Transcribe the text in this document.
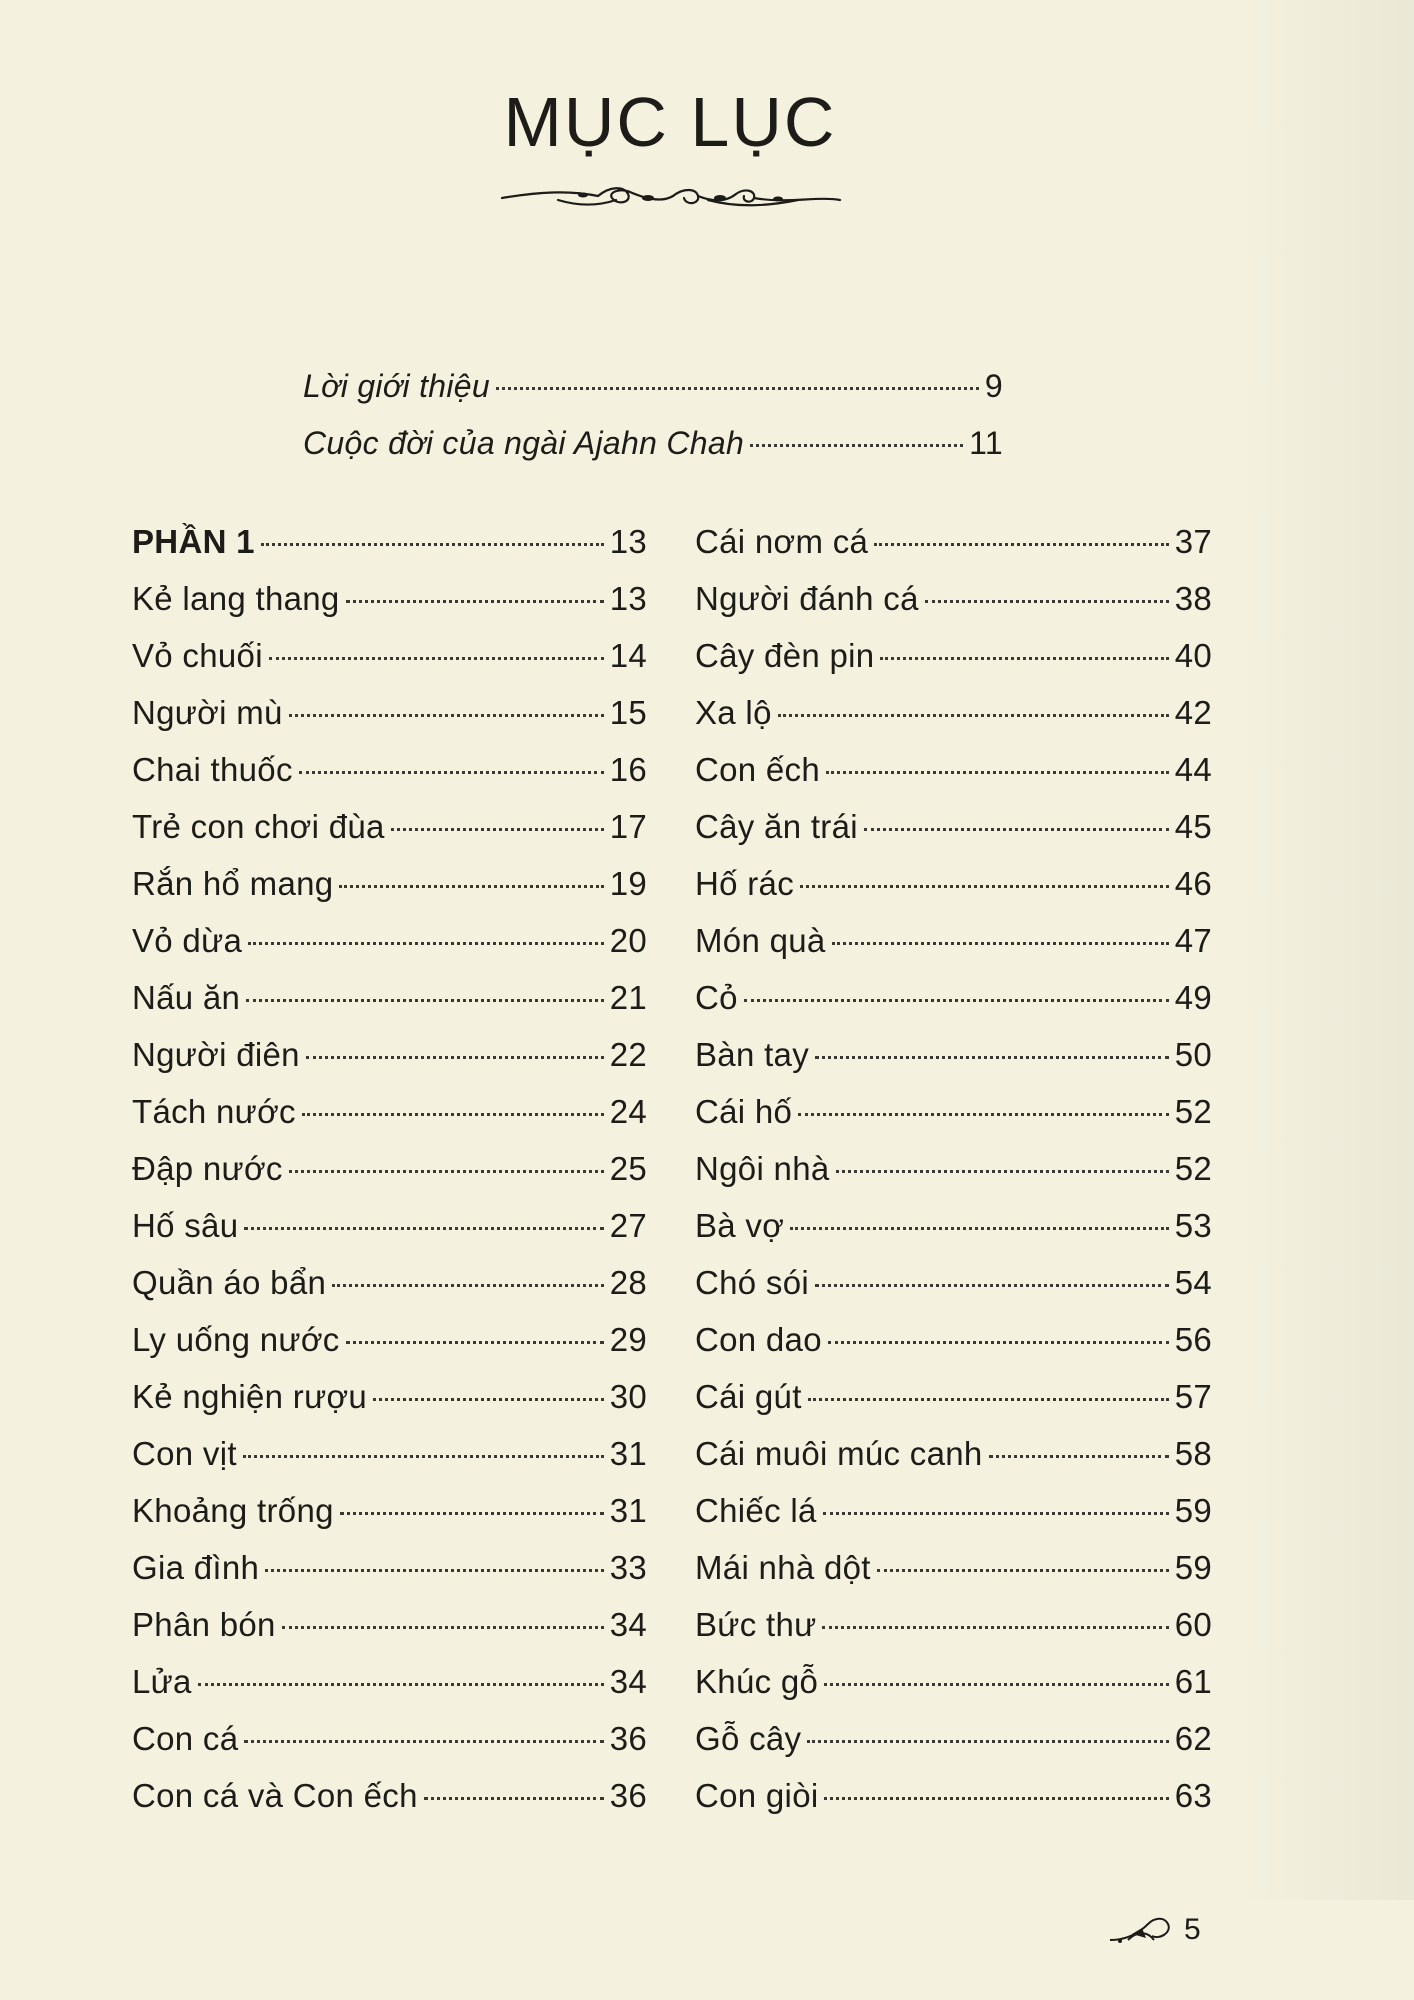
MỤC LỤC
Lời giới thiệu	9
Cuộc đời của ngài Ajahn Chah	11
PHẦN 1	13
Kẻ lang thang	13
Vỏ chuối	14
Người mù	15
Chai thuốc	16
Trẻ con chơi đùa	17
Rắn hổ mang	19
Vỏ dừa	20
Nấu ăn	21
Người điên	22
Tách nước	24
Đập nước	25
Hố sâu	27
Quần áo bẩn	28
Ly uống nước	29
Kẻ nghiện rượu	30
Con vịt	31
Khoảng trống	31
Gia đình	33
Phân bón	34
Lửa	34
Con cá	36
Con cá và Con ếch	36
Cái nơm cá	37
Người đánh cá	38
Cây đèn pin	40
Xa lộ	42
Con ếch	44
Cây ăn trái	45
Hố rác	46
Món quà	47
Cỏ	49
Bàn tay	50
Cái hố	52
Ngôi nhà	52
Bà vợ	53
Chó sói	54
Con dao	56
Cái gút	57
Cái muôi múc canh	58
Chiếc lá	59
Mái nhà dột	59
Bức thư	60
Khúc gỗ	61
Gỗ cây	62
Con giòi	63
5
